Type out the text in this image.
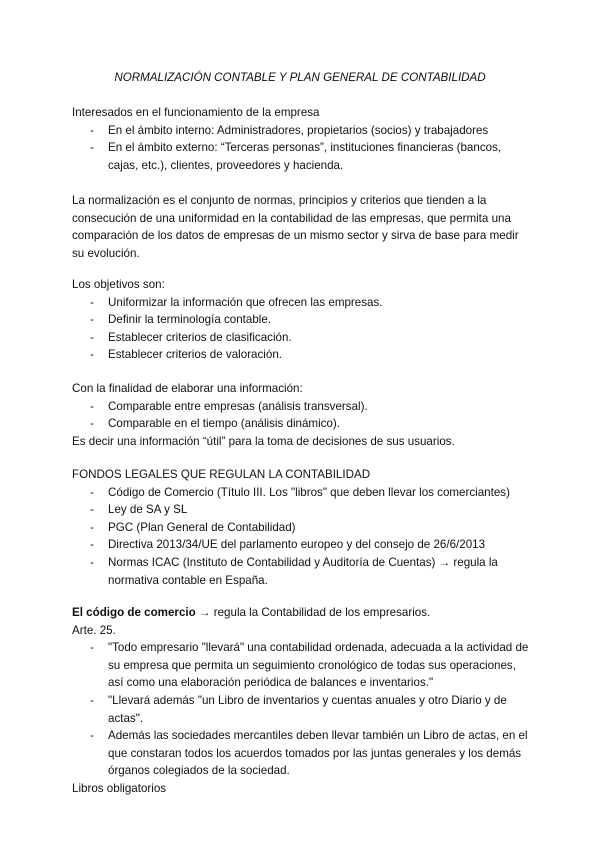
NORMALIZACIÓN CONTABLE Y PLAN GENERAL DE CONTABILIDAD

Interesados en el funcionamiento de la empresa

- En el ámbito interno: Administradores, propietarios (socios) y trabajadores
- En el ámbito externo: “Terceras personas”, instituciones financieras (bancos, cajas, etc.), clientes, proveedores y hacienda.

La normalización es el conjunto de normas, principios y criterios que tienden a la consecución de una uniformidad en la contabilidad de las empresas, que permita una comparación de los datos de empresas de un mismo sector y sirva de base para medir su evolución.

Los objetivos son:

- Uniformizar la información que ofrecen las empresas.
- Definir la terminología contable.
- Establecer criterios de clasificación.
- Establecer criterios de valoración.

Con la finalidad de elaborar una información:

- Comparable entre empresas (análisis transversal).
- Comparable en el tiempo (análisis dinámico).

Es decir una información “útil” para la toma de decisiones de sus usuarios.

FONDOS LEGALES QUE REGULAN LA CONTABILIDAD

- Código de Comercio (Título III. Los "libros" que deben llevar los comerciantes)
- Ley de SA y SL
- PGC (Plan General de Contabilidad)
- Directiva 2013/34/UE del parlamento europeo y del consejo de 26/6/2013
- Normas ICAC (Instituto de Contabilidad y Auditoría de Cuentas) → regula la normativa contable en España.

El código de comercio → regula la Contabilidad de los empresarios.

Arte. 25.

- "Todo empresario "llevará" una contabilidad ordenada, adecuada a la actividad de su empresa que permita un seguimiento cronológico de todas sus operaciones, así como una elaboración periódica de balances e inventarios."
- "Llevará además "un Libro de inventarios y cuentas anuales y otro Diario y de actas".
- Además las sociedades mercantiles deben llevar también un Libro de actas, en el que constaran todos los acuerdos tomados por las juntas generales y los demás órganos colegiados de la sociedad.

Libros obligatorios
